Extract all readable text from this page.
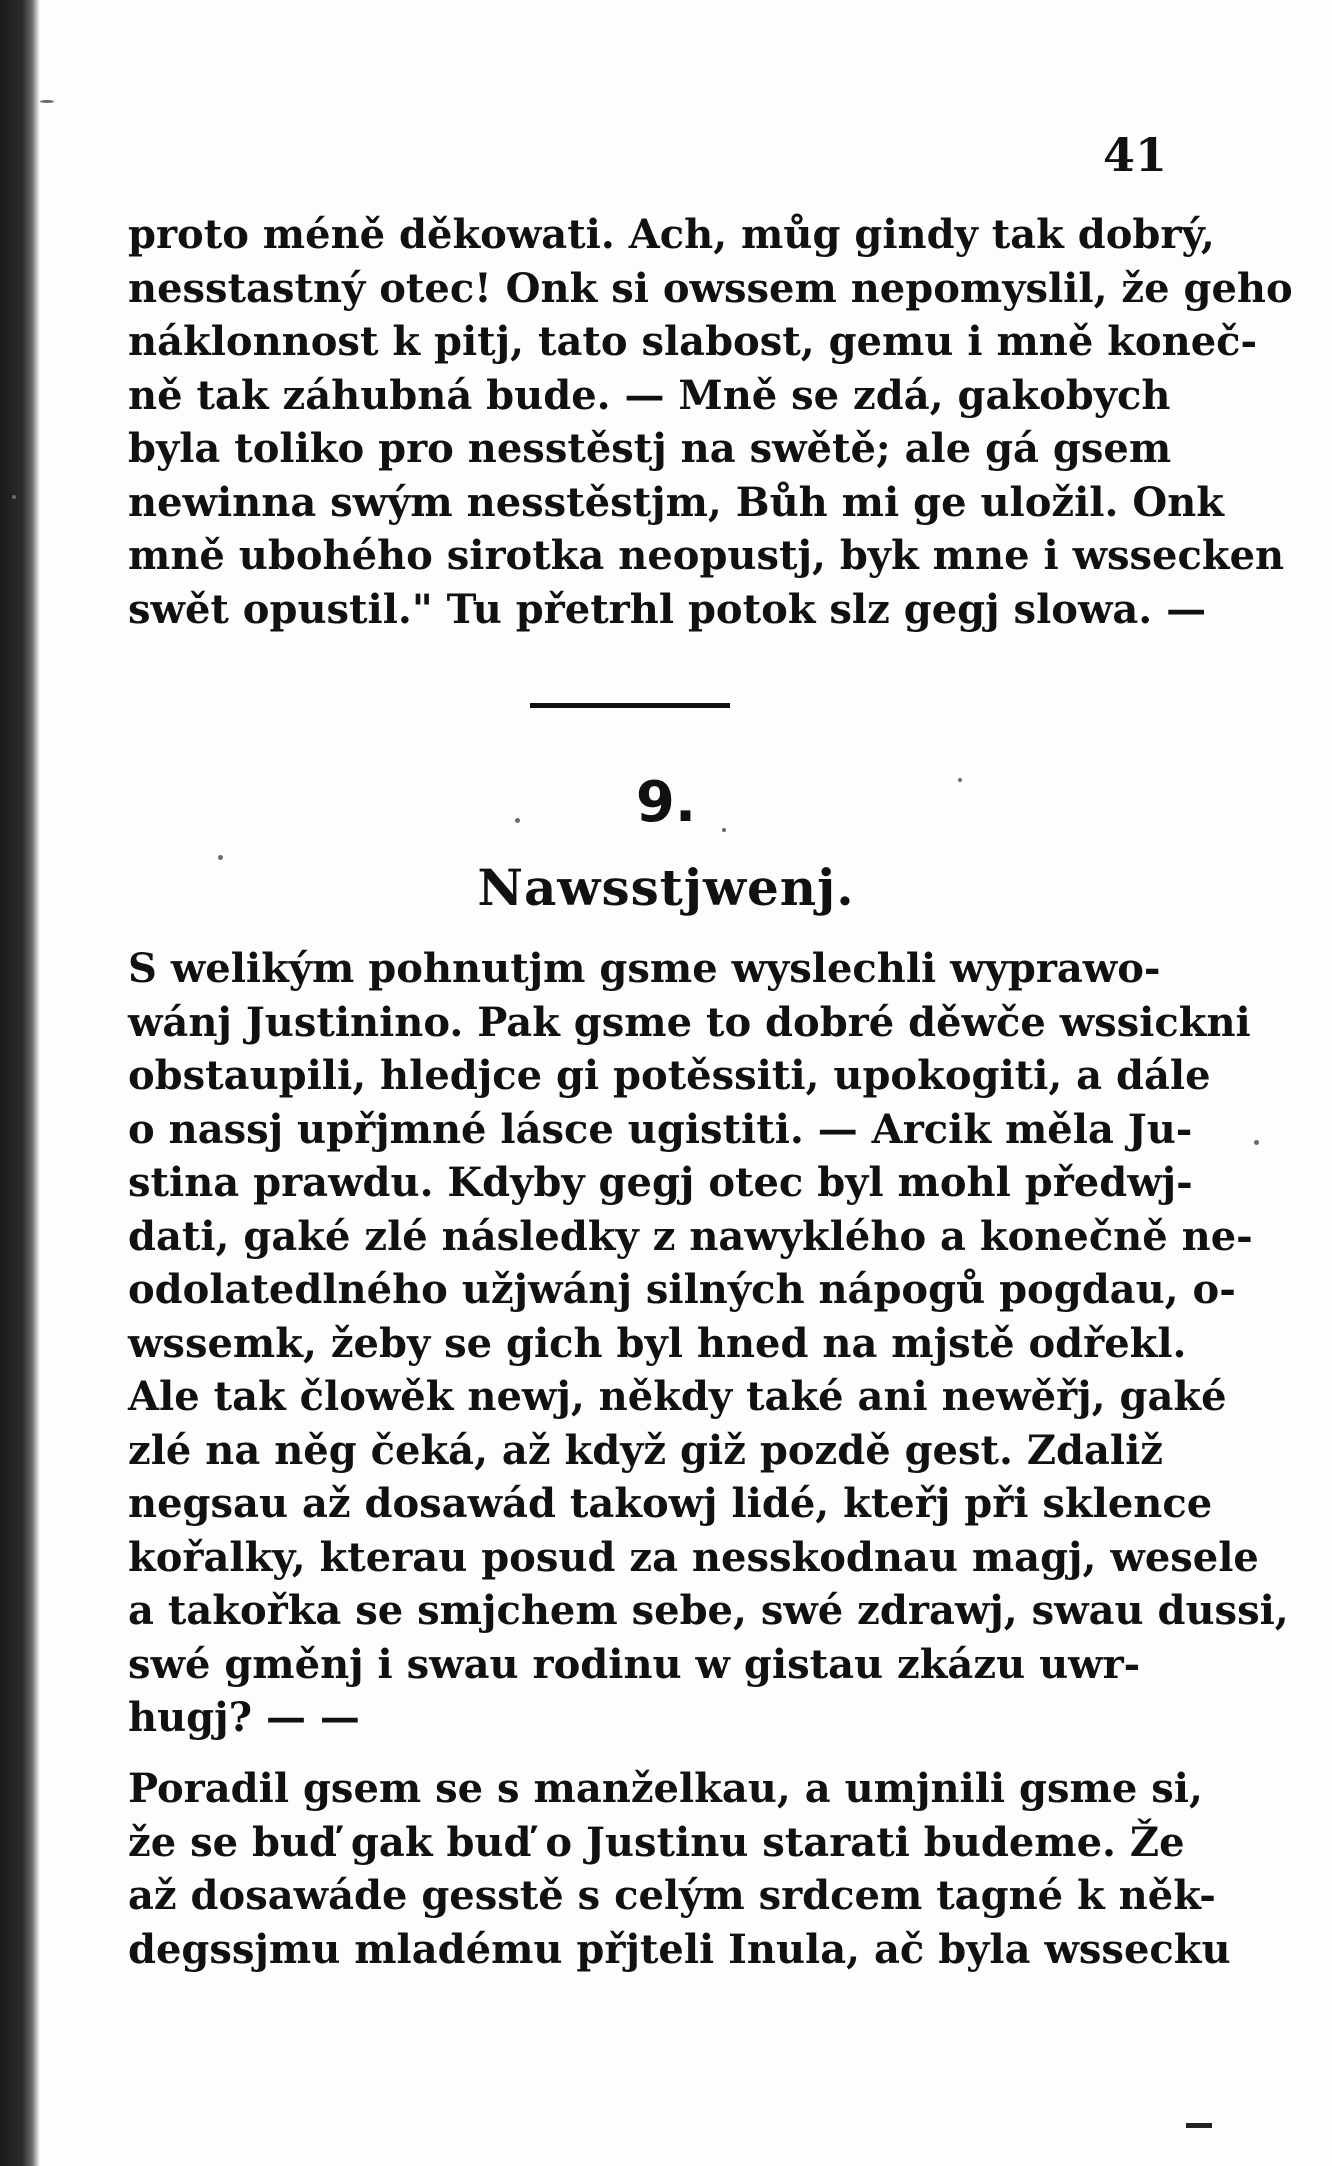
41
proto méně děkowati. Ach, můg gindy tak dobrý,
nesstastný otec! Onk si owssem nepomyslil, že geho
náklonnost k pitj, tato slabost, gemu i mně koneč-
ně tak záhubná bude. — Mně se zdá, gakobych
byla toliko pro nesstěstj na swětě; ale gá gsem
newinna swým nesstěstjm, Bůh mi ge uložil. Onk
mně ubohého sirotka neopustj, byk mne i wssecken
swět opustil." Tu přetrhl potok slz gegj slowa. —
9.
Nawsstjwenj.
S welikým pohnutjm gsme wyslechli wyprawo-
wánj Justinino. Pak gsme to dobré děwče wssickni
obstaupili, hledjce gi potěssiti, upokogiti, a dále
o nassj upřjmné lásce ugistiti. — Arcik měla Ju-
stina prawdu. Kdyby gegj otec byl mohl předwj-
dati, gaké zlé následky z nawyklého a konečně ne-
odolatedlného užjwánj silných nápogů pogdau, o-
wssemk, žeby se gich byl hned na mjstě odřekl.
Ale tak člowěk newj, někdy také ani newěřj, gaké
zlé na něg čeká, až když giž pozdě gest. Zdaliž
negsau až dosawád takowj lidé, kteřj při sklence
kořalky, kterau posud za nesskodnau magj, wesele
a takořka se smjchem sebe, swé zdrawj, swau dussi,
swé gměnj i swau rodinu w gistau zkázu uwr-
hugj? — —
Poradil gsem se s manželkau, a umjnili gsme si,
že se buď gak buď o Justinu starati budeme. Že
až dosawáde gesstě s celým srdcem tagné k něk-
degssjmu mladému přjteli Inula, ač byla wssecku
